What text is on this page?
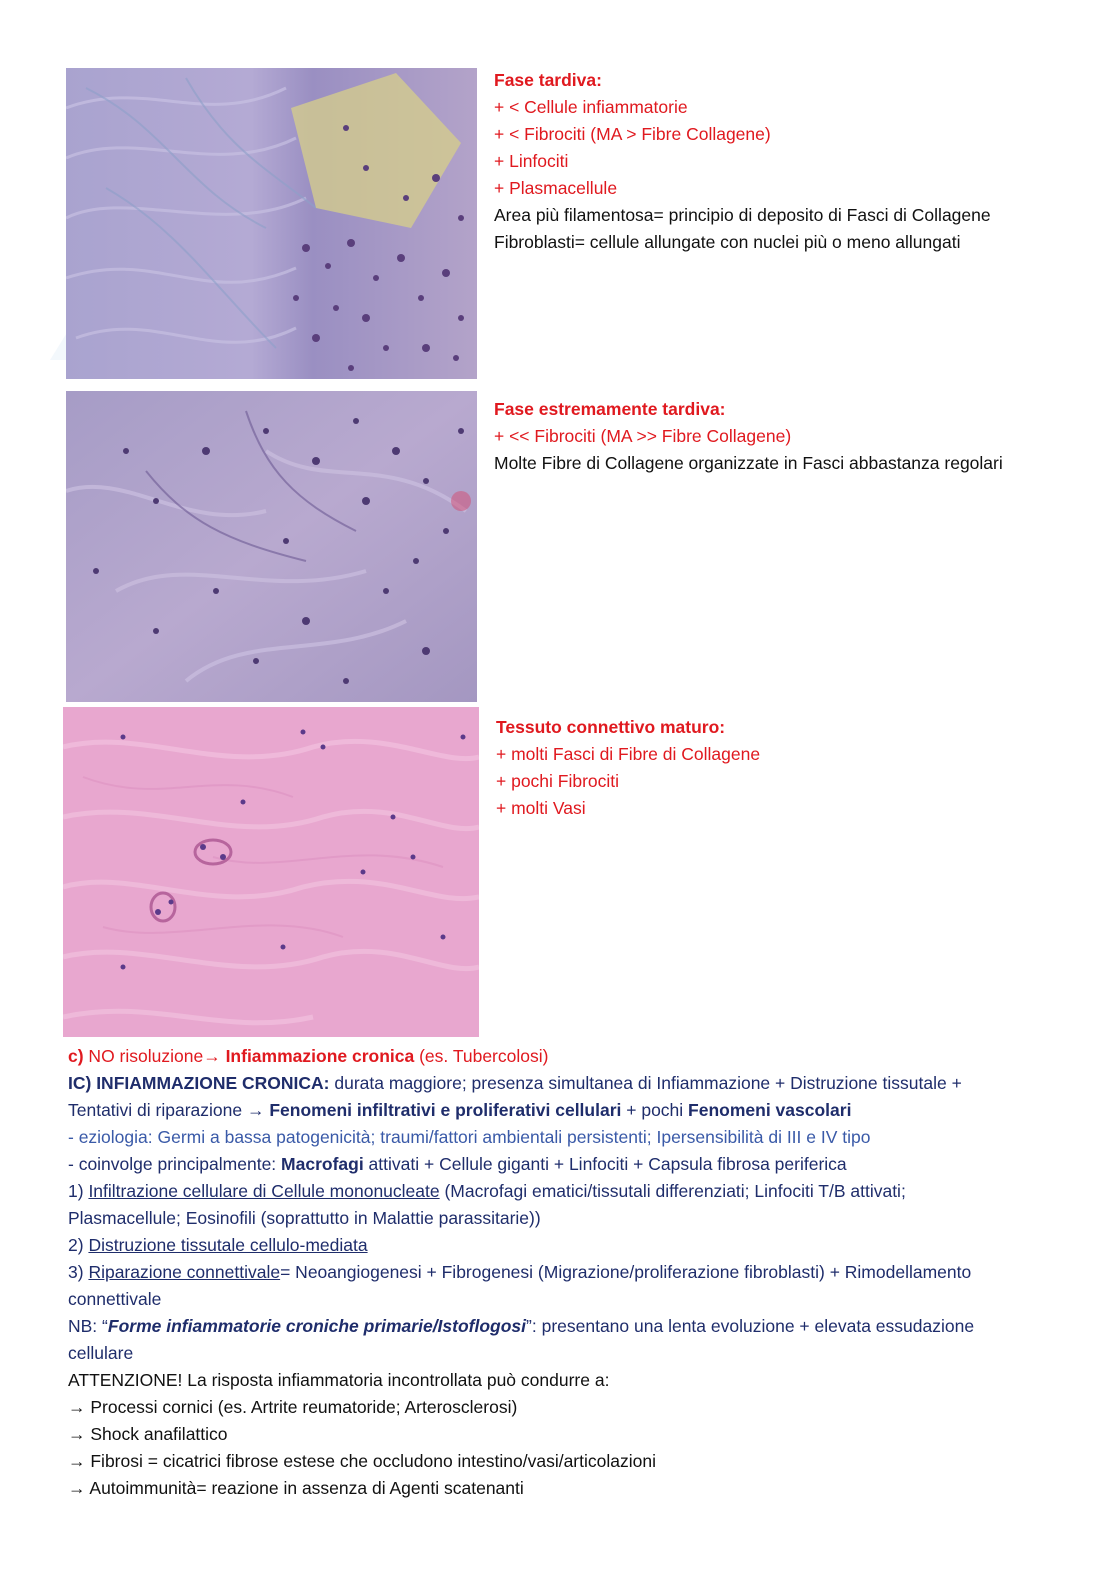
Fase tardiva:
+ < Cellule infiammatorie
+ < Fibrociti (MA > Fibre Collagene)
+ Linfociti
+ Plasmacellule
Area più filamentosa= principio di deposito di Fasci di Collagene
Fibroblasti= cellule allungate con nuclei più o meno allungati
Fase estremamente tardiva:
+ << Fibrociti (MA >> Fibre Collagene)
Molte Fibre di Collagene organizzate in Fasci abbastanza regolari
Tessuto connettivo maturo:
+ molti Fasci di Fibre di Collagene
+ pochi Fibrociti
+ molti Vasi
c) NO risoluzione→ Infiammazione cronica (es. Tubercolosi)
IC) INFIAMMAZIONE CRONICA: durata maggiore; presenza simultanea di Infiammazione + Distruzione tissutale +
Tentativi di riparazione → Fenomeni infiltrativi e proliferativi cellulari + pochi Fenomeni vascolari
- eziologia: Germi a bassa patogenicità; traumi/fattori ambientali persistenti; Ipersensibilità di III e IV tipo
- coinvolge principalmente: Macrofagi attivati + Cellule giganti + Linfociti + Capsula fibrosa periferica
1) Infiltrazione cellulare di Cellule mononucleate (Macrofagi ematici/tissutali differenziati; Linfociti T/B attivati;
Plasmacellule; Eosinofili (soprattutto in Malattie parassitarie))
2) Distruzione tissutale cellulo-mediata
3) Riparazione connettivale= Neoangiogenesi + Fibrogenesi (Migrazione/proliferazione fibroblasti) + Rimodellamento
connettivale
NB: “Forme infiammatorie croniche primarie/Istoflogosi”: presentano una lenta evoluzione + elevata essudazione
cellulare
ATTENZIONE! La risposta infiammatoria incontrollata può condurre a:
→ Processi cornici (es. Artrite reumatoride; Arterosclerosi)
→ Shock anafilattico
→ Fibrosi = cicatrici fibrose estese che occludono intestino/vasi/articolazioni
→ Autoimmunità= reazione in assenza di Agenti scatenanti
